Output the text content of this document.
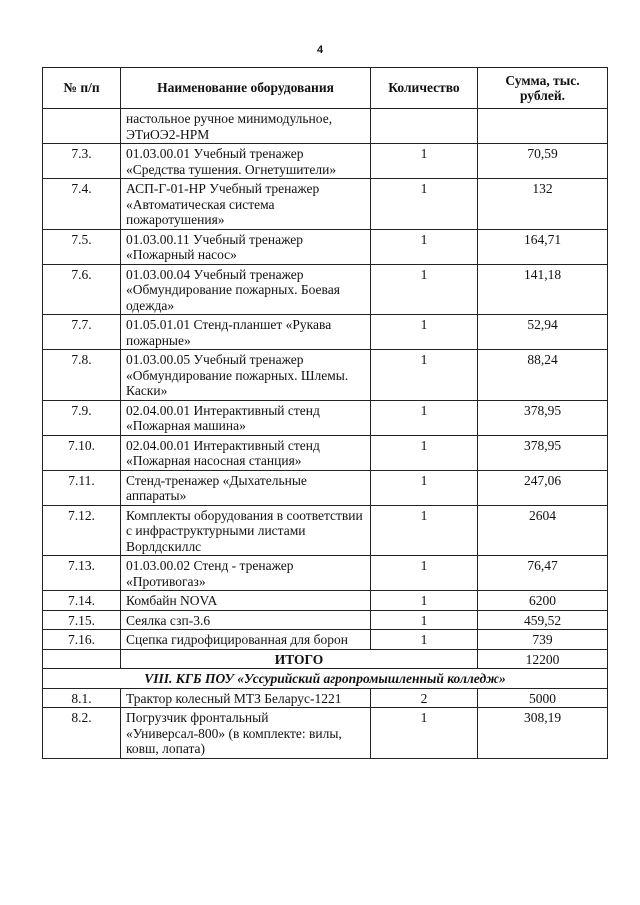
4
№ п/п	Наименование оборудования	Количество	Сумма, тыс. рублей.
	настольное ручное минимодульное, ЭТиОЭ2-НРМ		
7.3.	01.03.00.01 Учебный тренажер «Средства тушения. Огнетушители»	1	70,59
7.4.	АСП-Г-01-НР Учебный тренажер «Автоматическая система пожаротушения»	1	132
7.5.	01.03.00.11 Учебный тренажер «Пожарный насос»	1	164,71
7.6.	01.03.00.04 Учебный тренажер «Обмундирование пожарных. Боевая одежда»	1	141,18
7.7.	01.05.01.01 Стенд-планшет «Рукава пожарные»	1	52,94
7.8.	01.03.00.05 Учебный тренажер «Обмундирование пожарных. Шлемы. Каски»	1	88,24
7.9.	02.04.00.01 Интерактивный стенд «Пожарная машина»	1	378,95
7.10.	02.04.00.01 Интерактивный стенд «Пожарная насосная станция»	1	378,95
7.11.	Стенд-тренажер «Дыхательные аппараты»	1	247,06
7.12.	Комплекты оборудования в соответствии с инфраструктурными листами Ворлдскиллс	1	2604
7.13.	01.03.00.02 Стенд - тренажер «Противогаз»	1	76,47
7.14.	Комбайн NOVA	1	6200
7.15.	Сеялка сзп-3.6	1	459,52
7.16.	Сцепка гидрофицированная для борон	1	739
	ИТОГО		12200
VIII. КГБ ПОУ «Уссурийский агропромышленный колледж»			
8.1.	Трактор колесный МТЗ Беларус-1221	2	5000
8.2.	Погрузчик фронтальный «Универсал-800» (в комплекте: вилы, ковш, лопата)	1	308,19
